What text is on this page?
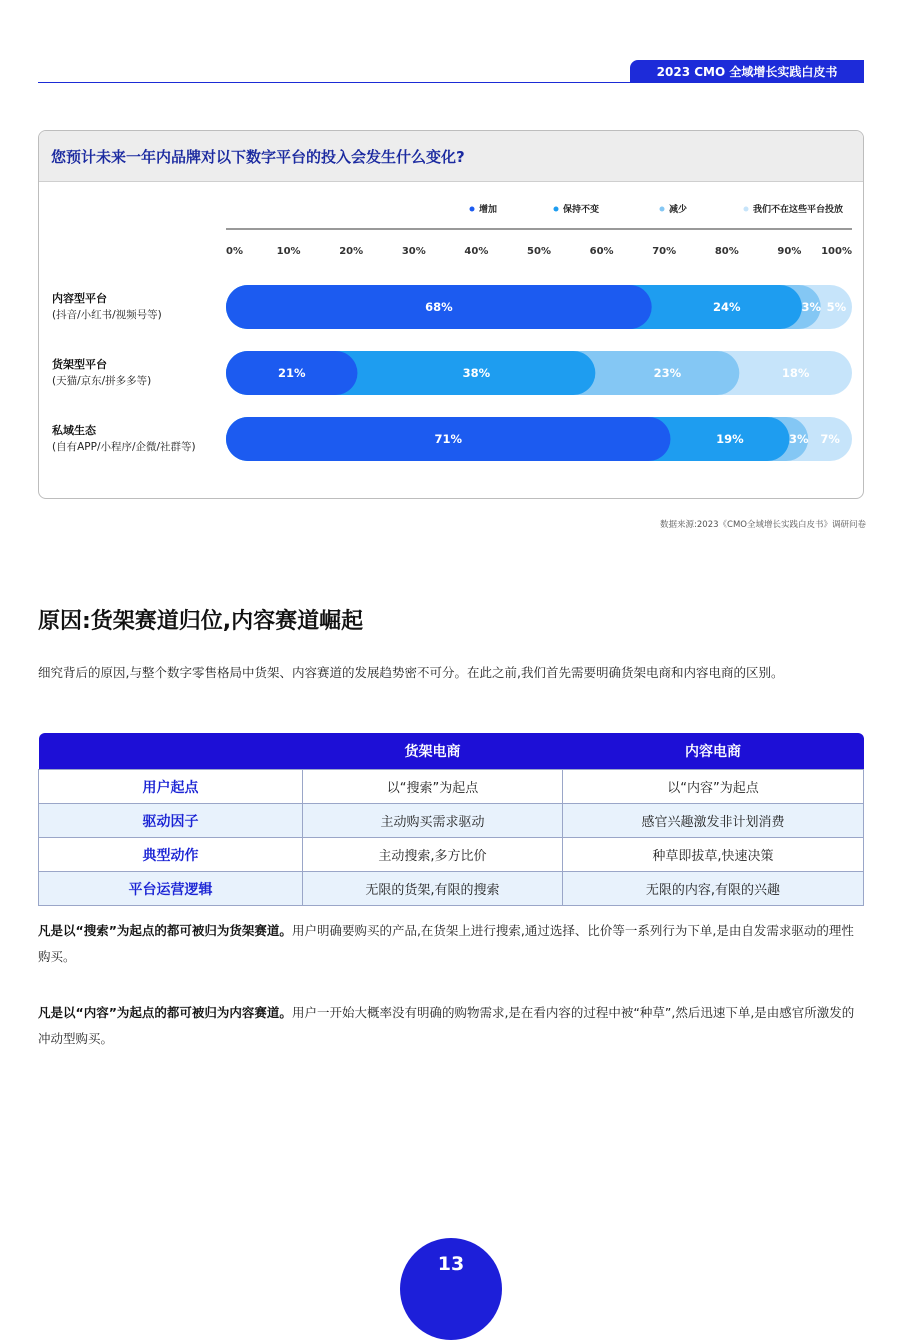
2023 CMO 全域增长实践白皮书
您预计未来一年内品牌对以下数字平台的投入会发生什么变化?
增加	保持不变	减少	我们不在这些平台投放
0%	10%	20%	30%	40%	50%	60%	70%	80%	90% 100%
内容型平台
(抖音/小红书/视频号等)
68%	24%	3% 5%
货架型平台
(天猫/京东/拼多多等)
21%	38%	23%	18%
私域生态
(自有APP/小程序/企微/社群等)
71%	19%	3% 7%
数据来源:2023《CMO全域增长实践白皮书》调研问卷
原因:货架赛道归位,内容赛道崛起

细究背后的原因,与整个数字零售格局中货架、内容赛道的发展趋势密不可分。在此之前,我们首先需要明确货架电商和内容电商的区别。

	货架电商	内容电商
用户起点	以“搜索”为起点	以“内容”为起点
驱动因子	主动购买需求驱动	感官兴趣激发非计划消费
典型动作	主动搜索,多方比价	种草即拔草,快速决策
平台运营逻辑	无限的货架,有限的搜索	无限的内容,有限的兴趣

凡是以“搜索”为起点的都可被归为货架赛道。用户明确要购买的产品,在货架上进行搜索,通过选择、比价等一系列行为下单,是由自发需求驱动的理性购买。

凡是以“内容”为起点的都可被归为内容赛道。用户一开始大概率没有明确的购物需求,是在看内容的过程中被“种草”,然后迅速下单,是由感官所激发的冲动型购买。

13
